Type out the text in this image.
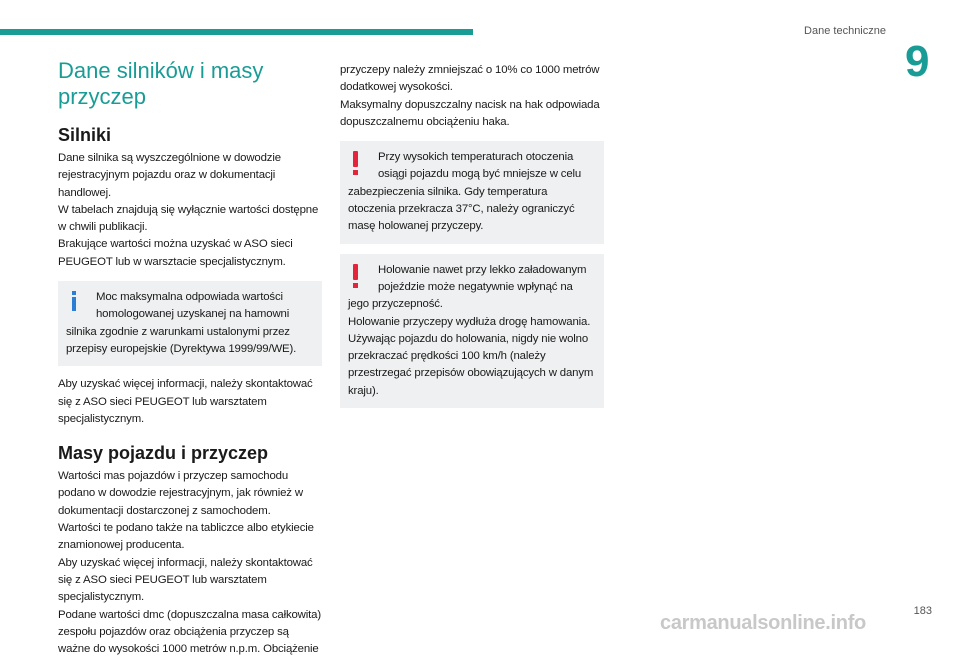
Dane techniczne
9
Dane silników i masy przyczep
Silniki

Dane silnika są wyszczególnione w dowodzie rejestracyjnym pojazdu oraz w dokumentacji handlowej.

W tabelach znajdują się wyłącznie wartości dostępne w chwili publikacji.

Brakujące wartości można uzyskać w ASO sieci PEUGEOT lub w warsztacie specjalistycznym.

Moc maksymalna odpowiada wartości homologowanej uzyskanej na hamowni silnika zgodnie z warunkami ustalonymi przez przepisy europejskie (Dyrektywa 1999/99/WE).

Aby uzyskać więcej informacji, należy skontaktować się z ASO sieci PEUGEOT lub warsztatem specjalistycznym.

Masy pojazdu i przyczep

Wartości mas pojazdów i przyczep samochodu podano w dowodzie rejestracyjnym, jak również w dokumentacji dostarczonej z samochodem.

Wartości te podano także na tabliczce albo etykiecie znamionowej producenta.

Aby uzyskać więcej informacji, należy skontaktować się z ASO sieci PEUGEOT lub warsztatem specjalistycznym.

Podane wartości dmc (dopuszczalna masa całkowita) zespołu pojazdów oraz obciążenia przyczep są ważne do wysokości 1000 metrów n.p.m. Obciążenie

przyczepy należy zmniejszać o 10% co 1000 metrów dodatkowej wysokości.

Maksymalny dopuszczalny nacisk na hak odpowiada dopuszczalnemu obciążeniu haka.

Przy wysokich temperaturach otoczenia osiągi pojazdu mogą być mniejsze w celu zabezpieczenia silnika. Gdy temperatura otoczenia przekracza 37°C, należy ograniczyć masę holowanej przyczepy.

Holowanie nawet przy lekko załadowanym pojeździe może negatywnie wpłynąć na jego przyczepność.

Holowanie przyczepy wydłuża drogę hamowania.

Używając pojazdu do holowania, nigdy nie wolno przekraczać prędkości 100 km/h (należy przestrzegać przepisów obowiązujących w danym kraju).

183
carmanualsonline.info
